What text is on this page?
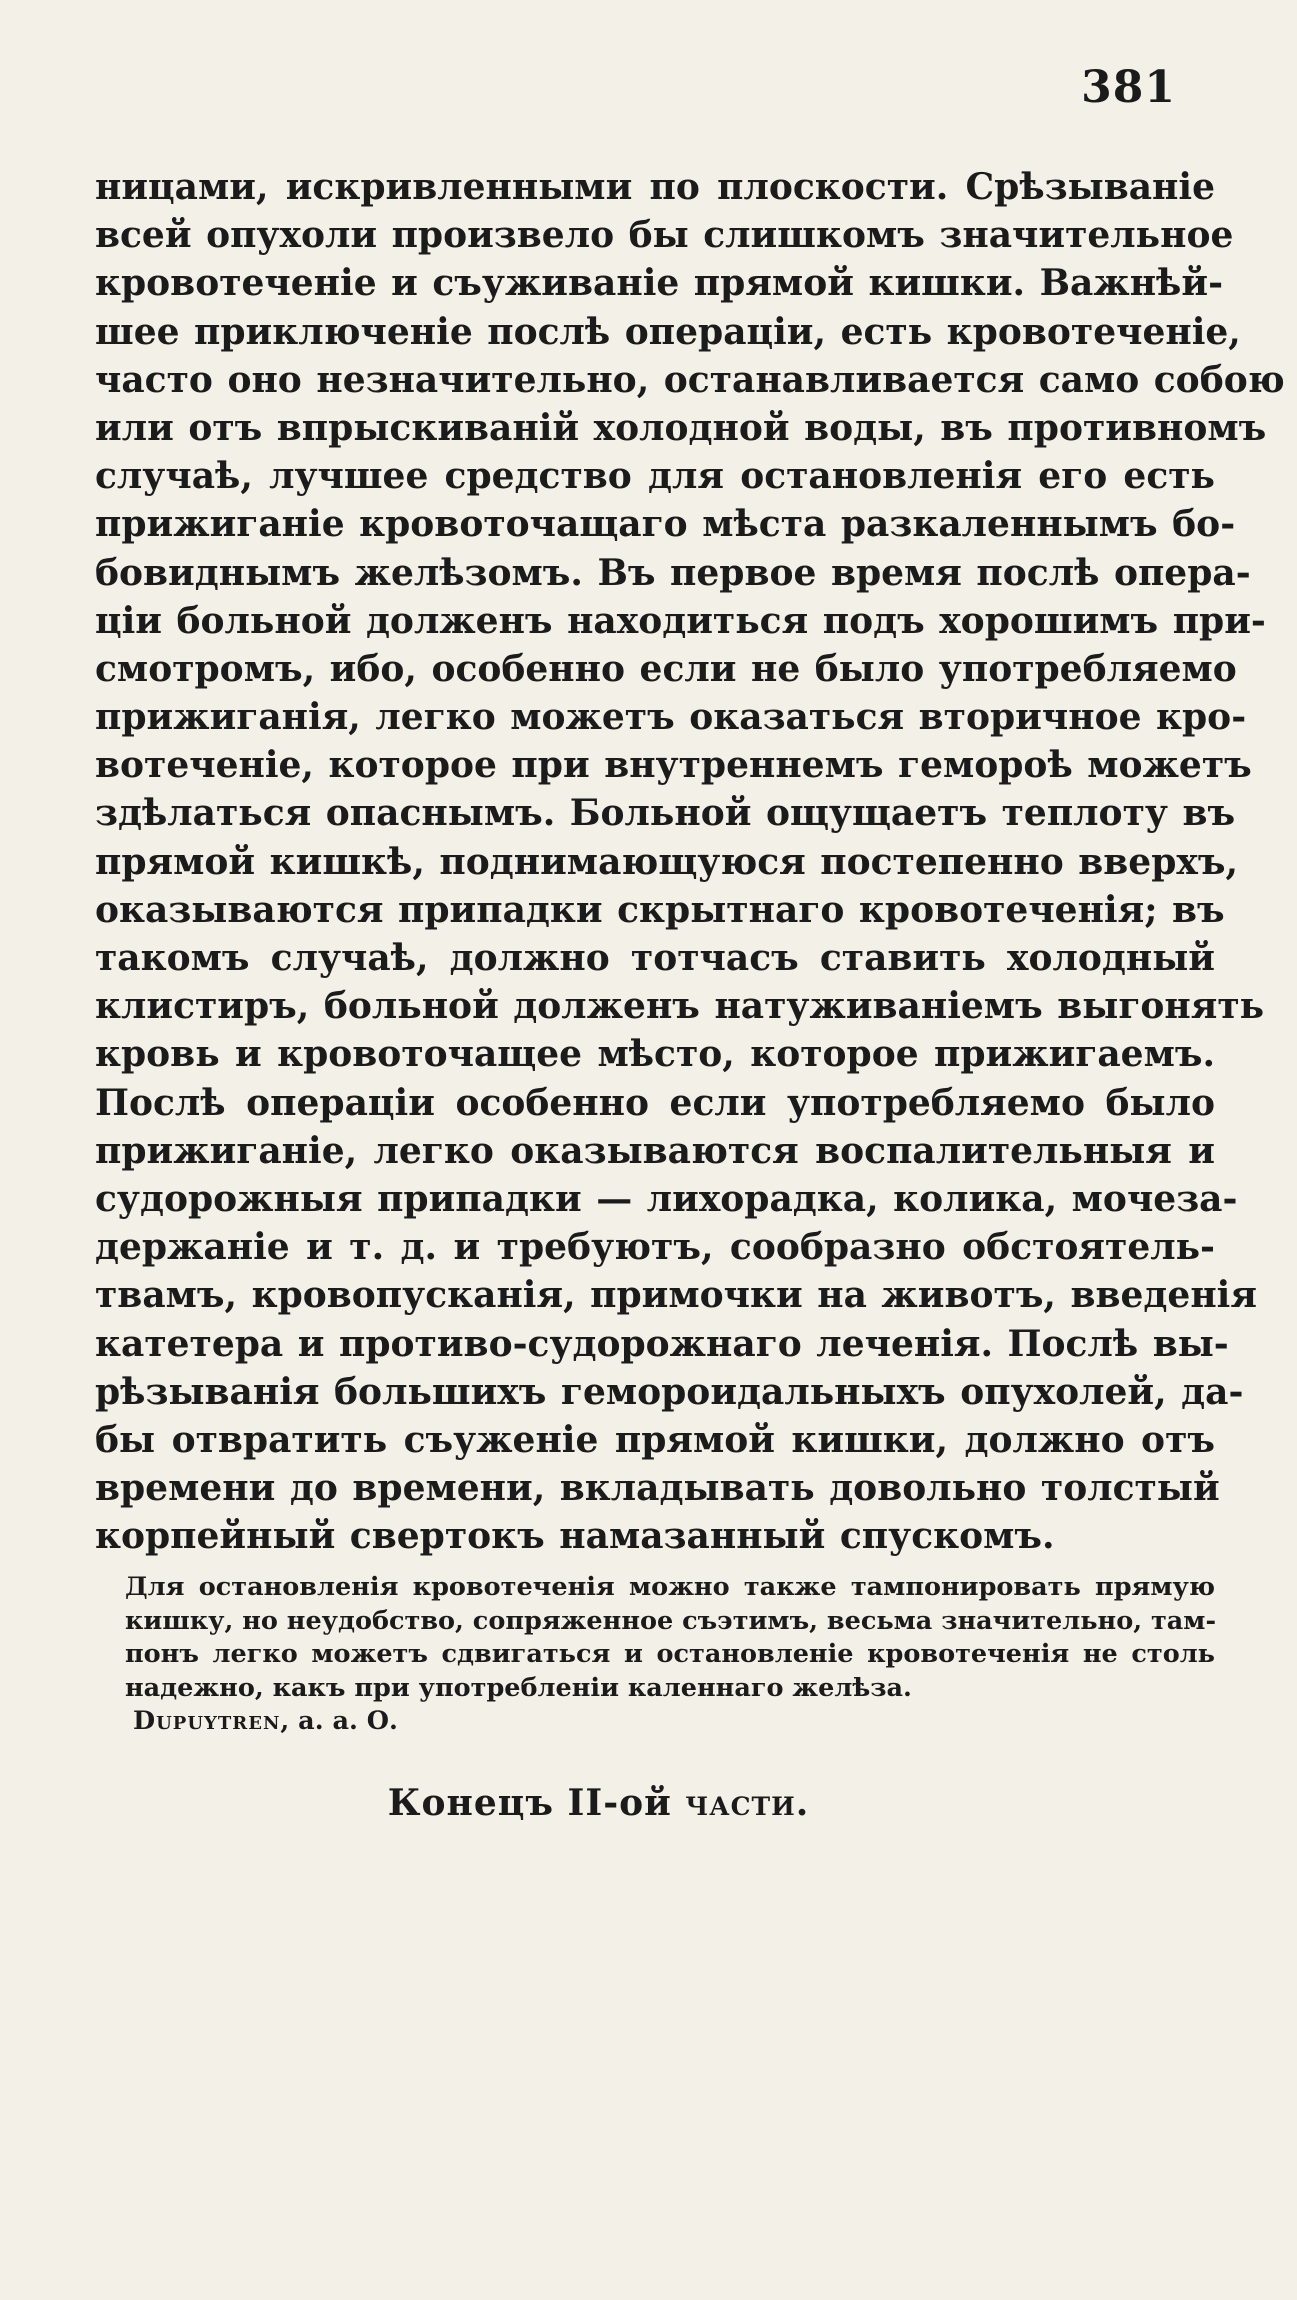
381
ницами, искривленными по плоскости. Срѣзываніе
всей опухоли произвело бы слишкомъ значительное
кровотеченіе и съуживаніе прямой кишки. Важнѣй-
шее приключеніе послѣ операціи, есть кровотеченіе,
часто оно незначительно, останавливается само собою
или отъ впрыскиваній холодной воды, въ противномъ
случаѣ, лучшее средство для остановленія его есть
прижиганіе кровоточащаго мѣста разкаленнымъ бо-
бовиднымъ желѣзомъ. Въ первое время послѣ опера-
ціи больной долженъ находиться подъ хорошимъ при-
смотромъ, ибо, особенно если не было употребляемо
прижиганія, легко можетъ оказаться вторичное кро-
вотеченіе, которое при внутреннемъ гемороѣ можетъ
здѣлаться опаснымъ. Больной ощущаетъ теплоту въ
прямой кишкѣ, поднимающуюся постепенно вверхъ,
оказываются припадки скрытнаго кровотеченія; въ
такомъ случаѣ, должно тотчасъ ставить холодный
клистиръ, больной долженъ натуживаніемъ выгонять
кровь и кровоточащее мѣсто, которое прижигаемъ.
Послѣ операціи особенно если употребляемо было
прижиганіе, легко оказываются воспалительныя и
судорожныя припадки — лихорадка, колика, мочеза-
держаніе и т. д. и требуютъ, сообразно обстоятель-
твамъ, кровопусканія, примочки на животъ, введенія
катетера и противо-судорожнаго леченія. Послѣ вы-
рѣзыванія большихъ геморoидальныхъ опухолей, да-
бы отвратить съуженіе прямой кишки, должно отъ
времени до времени, вкладывать довольно толстый
корпейный свертокъ намазанный спускомъ.
Для остановленія кровотеченія можно также тампонировать прямую
кишку, но неудобство, сопряженное съэтимъ, весьма значительно, там-
понъ легко можетъ сдвигаться и остановленіе кровотеченія не столь
надежно, какъ при употребленіи каленнаго желѣза.
Dupuytren, а. а. О.
Конецъ II-ой части.
